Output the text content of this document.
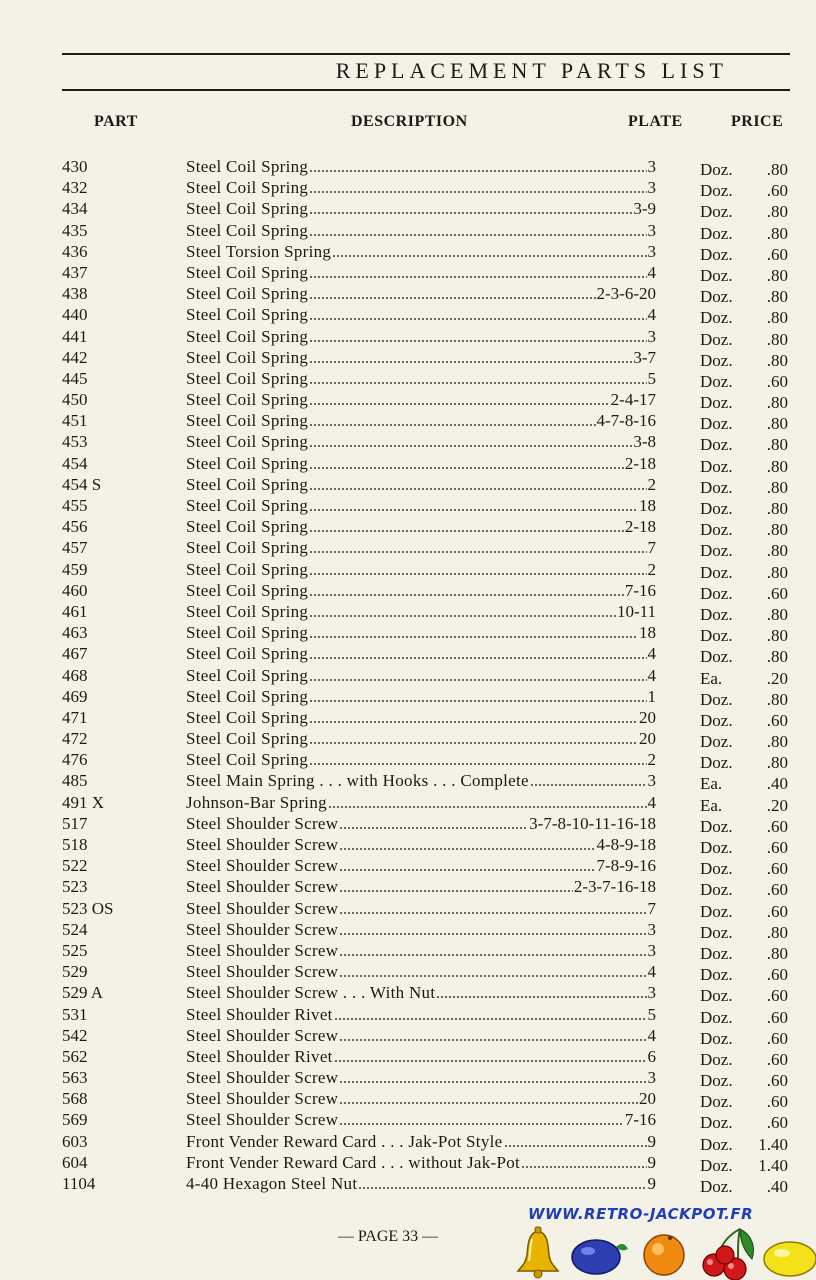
REPLACEMENT PARTS LIST
PART	DESCRIPTION	PLATE	PRICE
430	Steel Coil Spring	3	Doz.	.80
432	Steel Coil Spring	3	Doz.	.60
434	Steel Coil Spring	3-9	Doz.	.80
435	Steel Coil Spring	3	Doz.	.80
436	Steel Torsion Spring	3	Doz.	.60
437	Steel Coil Spring	4	Doz.	.80
438	Steel Coil Spring	2-3-6-20	Doz.	.80
440	Steel Coil Spring	4	Doz.	.80
441	Steel Coil Spring	3	Doz.	.80
442	Steel Coil Spring	3-7	Doz.	.80
445	Steel Coil Spring	5	Doz.	.60
450	Steel Coil Spring	2-4-17	Doz.	.80
451	Steel Coil Spring	4-7-8-16	Doz.	.80
453	Steel Coil Spring	3-8	Doz.	.80
454	Steel Coil Spring	2-18	Doz.	.80
454 S	Steel Coil Spring	2	Doz.	.80
455	Steel Coil Spring	18	Doz.	.80
456	Steel Coil Spring	2-18	Doz.	.80
457	Steel Coil Spring	7	Doz.	.80
459	Steel Coil Spring	2	Doz.	.80
460	Steel Coil Spring	7-16	Doz.	.60
461	Steel Coil Spring	10-11	Doz.	.80
463	Steel Coil Spring	18	Doz.	.80
467	Steel Coil Spring	4	Doz.	.80
468	Steel Coil Spring	4	Ea.	.20
469	Steel Coil Spring	1	Doz.	.80
471	Steel Coil Spring	20	Doz.	.60
472	Steel Coil Spring	20	Doz.	.80
476	Steel Coil Spring	2	Doz.	.80
485	Steel Main Spring . . . with Hooks . . . Complete	3	Ea.	.40
491 X	Johnson-Bar Spring	4	Ea.	.20
517	Steel Shoulder Screw	3-7-8-10-11-16-18	Doz.	.60
518	Steel Shoulder Screw	4-8-9-18	Doz.	.60
522	Steel Shoulder Screw	7-8-9-16	Doz.	.60
523	Steel Shoulder Screw	2-3-7-16-18	Doz.	.60
523 OS	Steel Shoulder Screw	7	Doz.	.60
524	Steel Shoulder Screw	3	Doz.	.80
525	Steel Shoulder Screw	3	Doz.	.80
529	Steel Shoulder Screw	4	Doz.	.60
529 A	Steel Shoulder Screw . . . With Nut	3	Doz.	.60
531	Steel Shoulder Rivet	5	Doz.	.60
542	Steel Shoulder Screw	4	Doz.	.60
562	Steel Shoulder Rivet	6	Doz.	.60
563	Steel Shoulder Screw	3	Doz.	.60
568	Steel Shoulder Screw	20	Doz.	.60
569	Steel Shoulder Screw	7-16	Doz.	.60
603	Front Vender Reward Card . . . Jak-Pot Style	9	Doz.	1.40
604	Front Vender Reward Card . . . without Jak-Pot	9	Doz.	1.40
1104	4-40 Hexagon Steel Nut	9	Doz.	.40
WWW.RETRO-JACKPOT.FR
— PAGE 33 —
